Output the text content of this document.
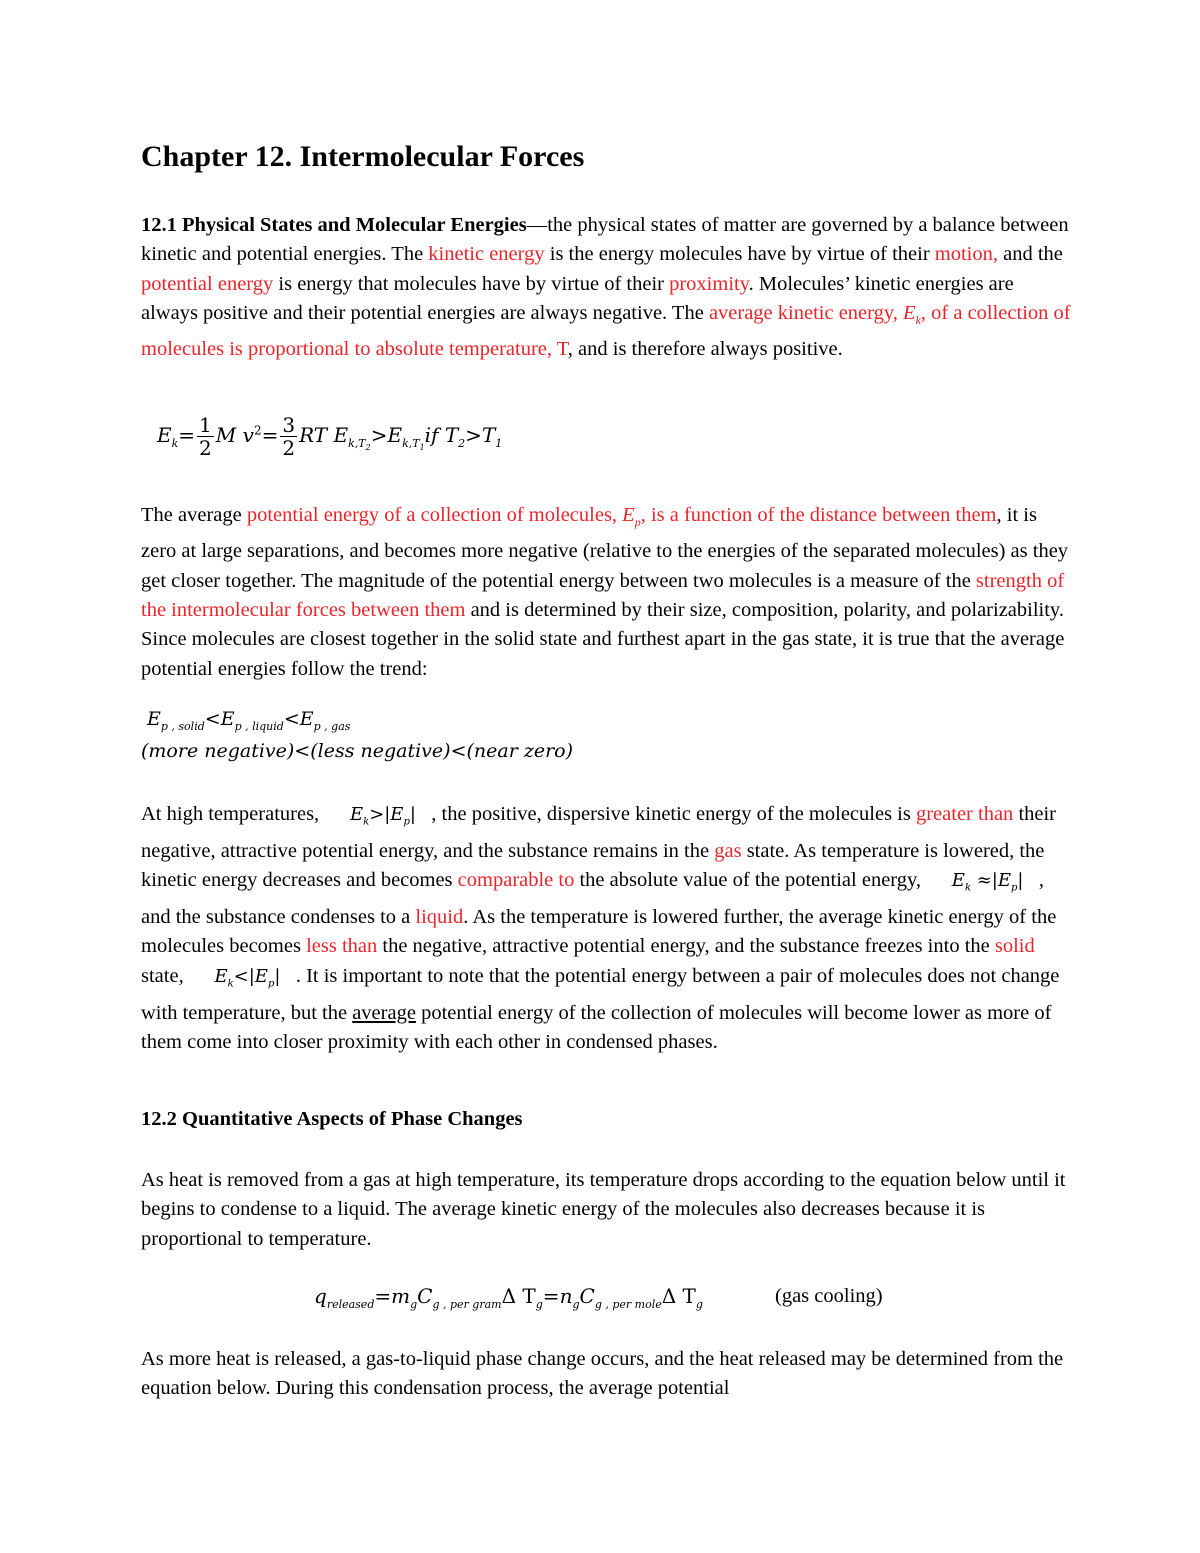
Chapter 12. Intermolecular Forces

12.1 Physical States and Molecular Energies—the physical states of matter are governed by a balance between kinetic and potential energies. The kinetic energy is the energy molecules have by virtue of their motion, and the potential energy is energy that molecules have by virtue of their proximity. Molecules’ kinetic energies are always positive and their potential energies are always negative. The average kinetic energy, $E_k$, of a collection of molecules is proportional to absolute temperature, T, and is therefore always positive.

$E_k= \frac{1}{2}$ M $v^2= \frac{3}{2}$ RT $E_{k,T_2}>E_{k,T_1}if$ $T_2>T_1$

The average potential energy of a collection of molecules, $E_p$, is a function of the distance between them, it is zero at large separations, and becomes more negative (relative to the energies of the separated molecules) as they get closer together. The magnitude of the potential energy between two molecules is a measure of the strength of the intermolecular forces between them and is determined by their size, composition, polarity, and polarizability. Since molecules are closest together in the solid state and furthest apart in the gas state, it is true that the average potential energies follow the trend:

$E_{p , solid}<E_{p , liquid}<E_{p , gas}$
(more negative)<(less negative)<(near zero)

At high temperatures, $E_k>|E_p|$   , the positive, dispersive kinetic energy of the molecules is greater than their negative, attractive potential energy, and the substance remains in the gas state. As temperature is lowered, the kinetic energy decreases and becomes comparable to the absolute value of the potential energy, $E_k \approx|E_p|$   , and the substance condenses to a liquid. As the temperature is lowered further, the average kinetic energy of the molecules becomes less than the negative, attractive potential energy, and the substance freezes into the solid state, $E_k<|E_p|$   . It is important to note that the potential energy between a pair of molecules does not change with temperature, but the average potential energy of the collection of molecules will become lower as more of them come into closer proximity with each other in condensed phases.

12.2 Quantitative Aspects of Phase Changes

As heat is removed from a gas at high temperature, its temperature drops according to the equation below until it begins to condense to a liquid. The average kinetic energy of the molecules also decreases because it is proportional to temperature.

$q_{released}=m_gC_{g , per gram}\Delta$ $T_g=n_gC_{g , per mole}\Delta$ $T_g$	(gas cooling)

As more heat is released, a gas-to-liquid phase change occurs, and the heat released may be determined from the equation below. During this condensation process, the average potential
